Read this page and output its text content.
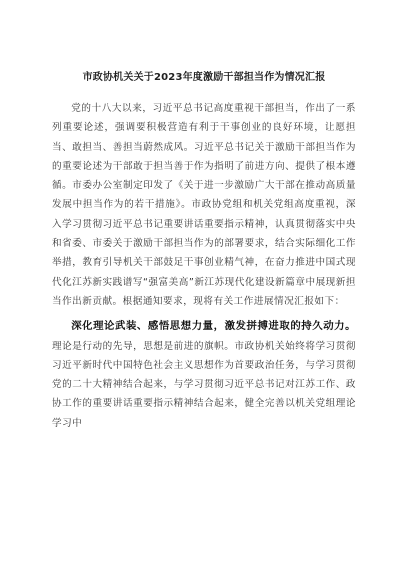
市政协机关关于2023年度激励干部担当作为情况汇报

党的十八大以来，习近平总书记高度重视干部担当，作出了一系列重要论述，强调要积极营造有利于干事创业的良好环境，让愿担当、敢担当、善担当蔚然成风。习近平总书记关于激励干部担当作为的重要论述为干部敢于担当善于作为指明了前进方向、提供了根本遵循。市委办公室制定印发了《关于进一步激励广大干部在推动高质量发展中担当作为的若干措施》。市政协党组和机关党组高度重视，深入学习贯彻习近平总书记重要讲话重要指示精神，认真贯彻落实中央和省委、市委关于激励干部担当作为的部署要求，结合实际细化工作举措，教育引导机关干部鼓足干事创业精气神，在奋力推进中国式现代化江苏新实践谱写“强富美高”新江苏现代化建设新篇章中展现新担当作出新贡献。根据通知要求，现将有关工作进展情况汇报如下：

深化理论武装、感悟思想力量，激发拼搏进取的持久动力。理论是行动的先导，思想是前进的旗帜。市政协机关始终将学习贯彻习近平新时代中国特色社会主义思想作为首要政治任务，与学习贯彻党的二十大精神结合起来，与学习贯彻习近平总书记对江苏工作、政协工作的重要讲话重要指示精神结合起来，健全完善以机关党组理论学习中
